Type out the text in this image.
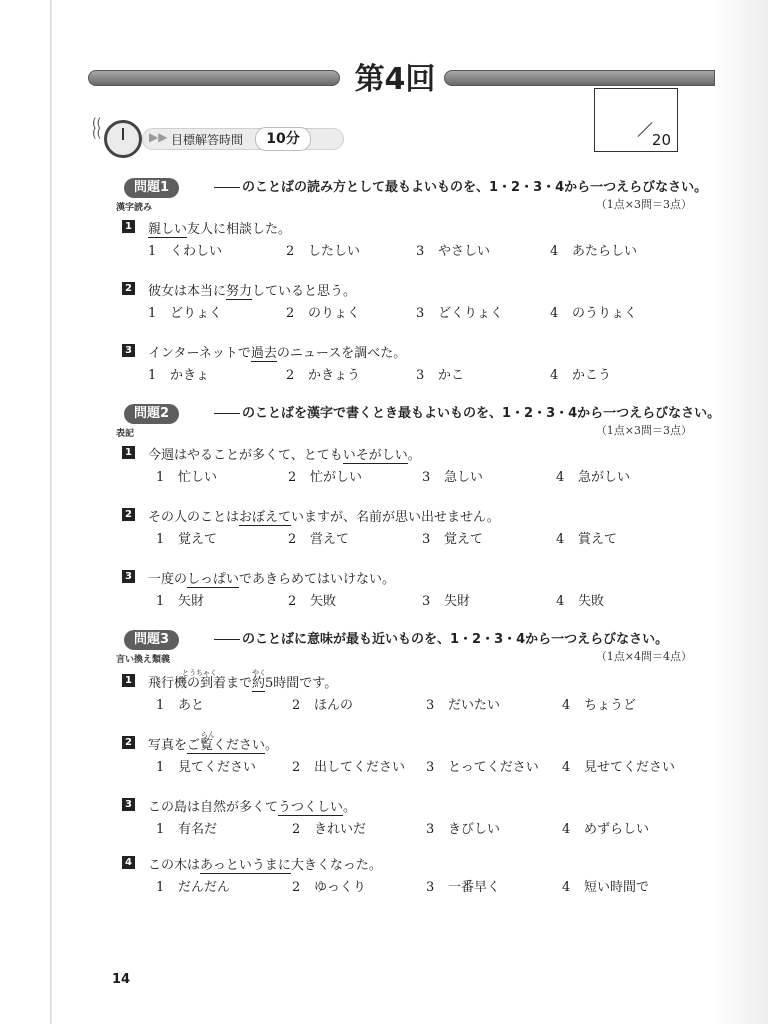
第4回
20
((
((	▶▶ 目標解答時間	10分
問題1	のことばの読み方として最もよいものを、1・2・3・4から一つえらびなさい。
漢字読み	（1点×3問＝3点）
1 親しい友人に相談した。
1 くわしい	2 したしい	3 やさしい	4 あたらしい
2 彼女は本当に努力していると思う。
1 どりょく	2 のりょく	3 どくりょく	4 のうりょく
3 インターネットで過去のニュースを調べた。
1 かきょ	2 かきょう	3 かこ	4 かこう
問題2	のことばを漢字で書くとき最もよいものを、1・2・3・4から一つえらびなさい。
表記	（1点×3問＝3点）
1 今週はやることが多くて、とてもいそがしい。
1 忙しい	2 忙がしい	3 急しい	4 急がしい
2 その人のことはおぼえていますが、名前が思い出せません。
1 覚えて	2 営えて	3 覚えて	4 賞えて
3 一度のしっぱいであきらめてはいけない。
1 矢財	2 矢敗	3 失財	4 失敗
問題3	のことばに意味が最も近いものを、1・2・3・4から一つえらびなさい。
言い換え類義	（1点×4問＝4点）
1
とうちゃく
飛行機の到着まで
やく
約5時間です。
1 あと	2 ほんの	3 だいたい	4 ちょうど
2 写真を
らん
ご覧ください。
1 見てください	2 出してください 3 とってください 4 見せてください
3 この島は自然が多くてうつくしい。
1 有名だ	2 きれいだ	3 きびしい	4 めずらしい
4 この木はあっというまに大きくなった。
1 だんだん	2 ゆっくり	3 一番早く	4 短い時間で
14
